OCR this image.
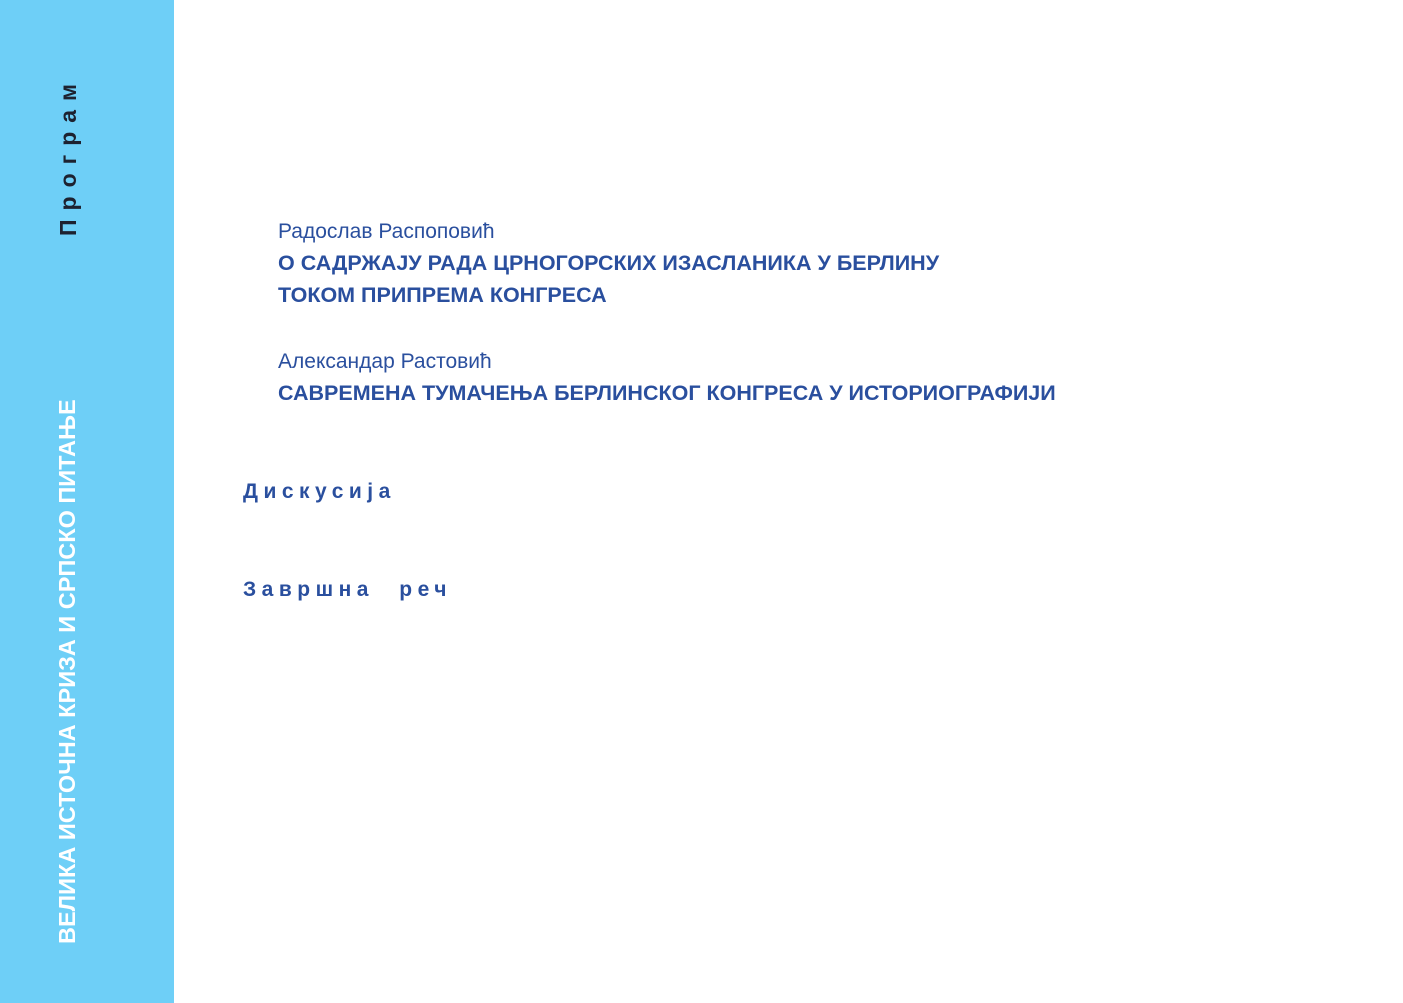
Програм
ВЕЛИКА ИСТОЧНА КРИЗА И СРПСКО ПИТАЊЕ
Радослав Распоповић
О САДРЖАЈУ РАДА ЦРНОГОРСКИХ ИЗАСЛАНИКА У БЕРЛИНУ
ТОКОМ ПРИПРЕМА КОНГРЕСА
Александар Растовић
САВРЕМЕНА ТУМАЧЕЊА БЕРЛИНСКОГ КОНГРЕСА У ИСТОРИОГРАФИЈИ
Дискусија
Завршна реч
